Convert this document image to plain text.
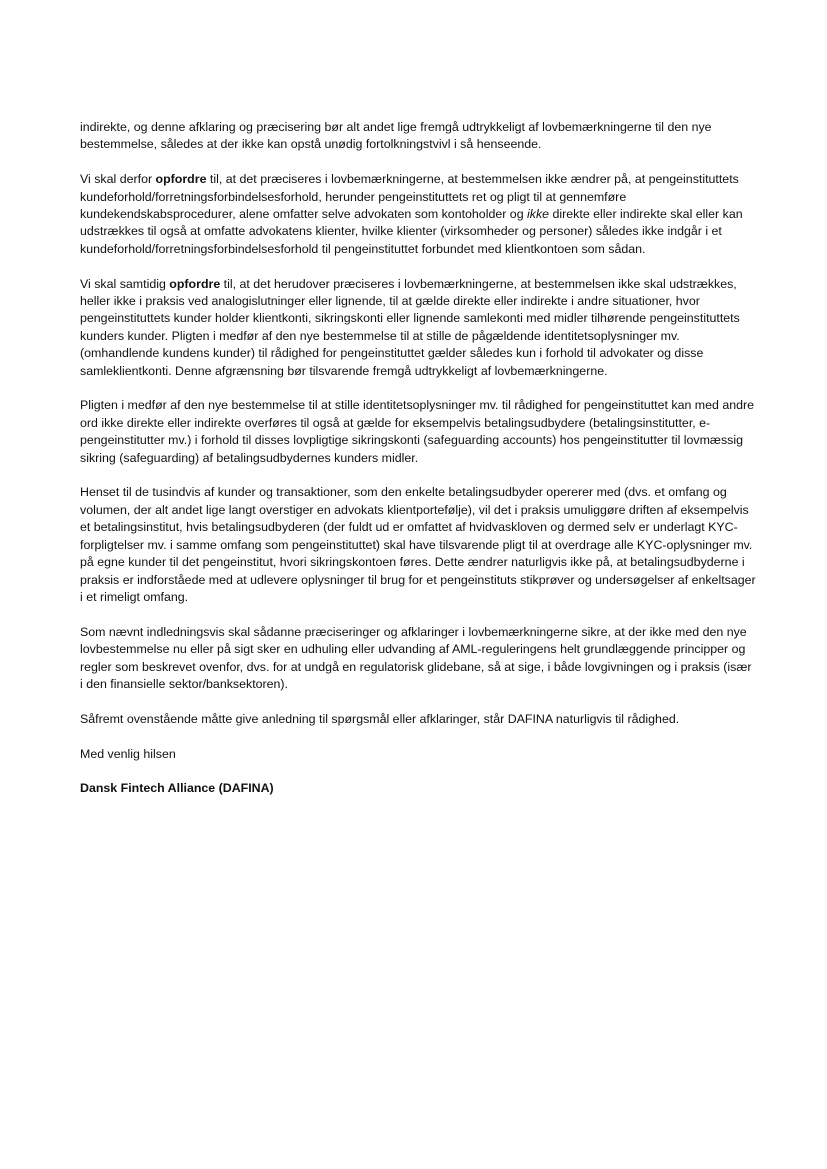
indirekte, og denne afklaring og præcisering bør alt andet lige fremgå udtrykkeligt af lovbemærkningerne til den nye bestemmelse, således at der ikke kan opstå unødig fortolkningstvivl i så henseende.

Vi skal derfor opfordre til, at det præciseres i lovbemærkningerne, at bestemmelsen ikke ændrer på, at pengeinstituttets kundeforhold/forretningsforbindelsesforhold, herunder pengeinstituttets ret og pligt til at gennemføre kundekendskabsprocedurer, alene omfatter selve advokaten som kontoholder og ikke direkte eller indirekte skal eller kan udstrækkes til også at omfatte advokatens klienter, hvilke klienter (virksomheder og personer) således ikke indgår i et kundeforhold/forretningsforbindelsesforhold til pengeinstituttet forbundet med klientkontoen som sådan.

Vi skal samtidig opfordre til, at det herudover præciseres i lovbemærkningerne, at bestemmelsen ikke skal udstrækkes, heller ikke i praksis ved analogislutninger eller lignende, til at gælde direkte eller indirekte i andre situationer, hvor pengeinstituttets kunder holder klientkonti, sikringskonti eller lignende samlekonti med midler tilhørende pengeinstituttets kunders kunder. Pligten i medfør af den nye bestemmelse til at stille de pågældende identitetsoplysninger mv. (omhandlende kundens kunder) til rådighed for pengeinstituttet gælder således kun i forhold til advokater og disse samleklientkonti. Denne afgrænsning bør tilsvarende fremgå udtrykkeligt af lovbemærkningerne.

Pligten i medfør af den nye bestemmelse til at stille identitetsoplysninger mv. til rådighed for pengeinstituttet kan med andre ord ikke direkte eller indirekte overføres til også at gælde for eksempelvis betalingsudbydere (betalingsinstitutter, e-pengeinstitutter mv.) i forhold til disses lovpligtige sikringskonti (safeguarding accounts) hos pengeinstitutter til lovmæssig sikring (safeguarding) af betalingsudbydernes kunders midler.

Henset til de tusindvis af kunder og transaktioner, som den enkelte betalingsudbyder opererer med (dvs. et omfang og volumen, der alt andet lige langt overstiger en advokats klientportefølje), vil det i praksis umuliggøre driften af eksempelvis et betalingsinstitut, hvis betalingsudbyderen (der fuldt ud er omfattet af hvidvaskloven og dermed selv er underlagt KYC-forpligtelser mv. i samme omfang som pengeinstituttet) skal have tilsvarende pligt til at overdrage alle KYC-oplysninger mv. på egne kunder til det pengeinstitut, hvori sikringskontoen føres. Dette ændrer naturligvis ikke på, at betalingsudbyderne i praksis er indforståede med at udlevere oplysninger til brug for et pengeinstituts stikprøver og undersøgelser af enkeltsager i et rimeligt omfang.

Som nævnt indledningsvis skal sådanne præciseringer og afklaringer i lovbemærkningerne sikre, at der ikke med den nye lovbestemmelse nu eller på sigt sker en udhuling eller udvanding af AML-reguleringens helt grundlæggende principper og regler som beskrevet ovenfor, dvs. for at undgå en regulatorisk glidebane, så at sige, i både lovgivningen og i praksis (især i den finansielle sektor/banksektoren).

Såfremt ovenstående måtte give anledning til spørgsmål eller afklaringer, står DAFINA naturligvis til rådighed.

Med venlig hilsen

Dansk Fintech Alliance (DAFINA)
